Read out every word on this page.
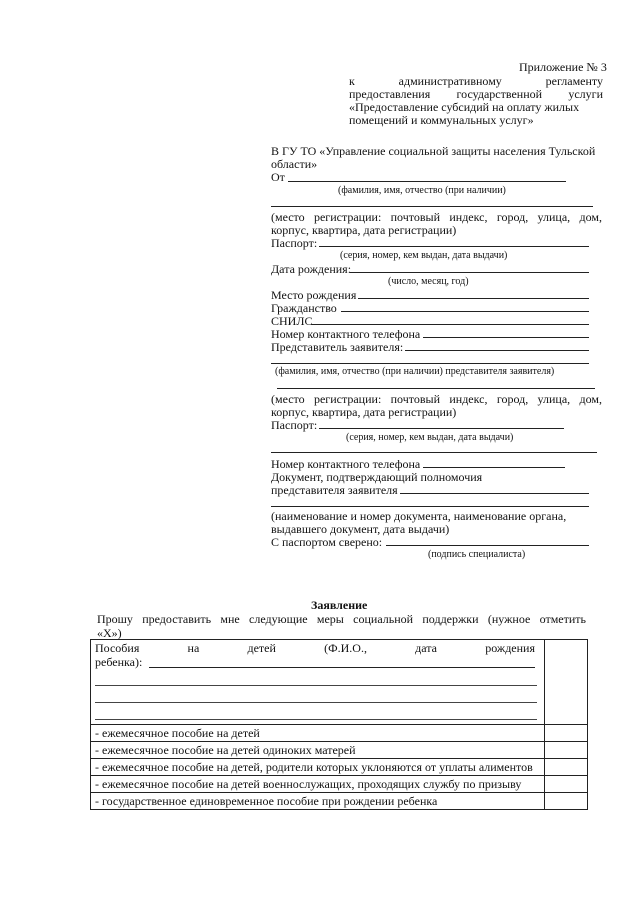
Приложение № 3
к административному регламенту
предоставления государственной услуги
«Предоставление субсидий на оплату жилых
помещений и коммунальных услуг»
В ГУ ТО «Управление социальной защиты населения Тульской
области»
От
(фамилия, имя, отчество (при наличии)
(место регистрации: почтовый индекс, город, улица, дом,
корпус, квартира, дата регистрации)
Паспорт:
(серия, номер, кем выдан, дата выдачи)
Дата рождения:
(число, месяц, год)
Место рождения
Гражданство
СНИЛС
Номер контактного телефона
Представитель заявителя:
(фамилия, имя, отчество (при наличии) представителя заявителя)
(место регистрации: почтовый индекс, город, улица, дом,
корпус, квартира, дата регистрации)
Паспорт:
(серия, номер, кем выдан, дата выдачи)
Номер контактного телефона
Документ, подтверждающий полномочия
представителя заявителя
(наименование и номер документа, наименование органа,
выдавшего документ, дата выдачи)
С паспортом сверено:
(подпись специалиста)
Заявление
Прошу предоставить мне следующие меры социальной поддержки (нужное отметить
«X»)
Пособия на детей (Ф.И.О., дата рождения
ребенка):	

- ежемесячное пособие на детей	
- ежемесячное пособие на детей одиноких матерей	
- ежемесячное пособие на детей, родители которых уклоняются от уплаты алиментов	
- ежемесячное пособие на детей военнослужащих, проходящих службу по призыву	
- государственное единовременное пособие при рождении ребенка	
